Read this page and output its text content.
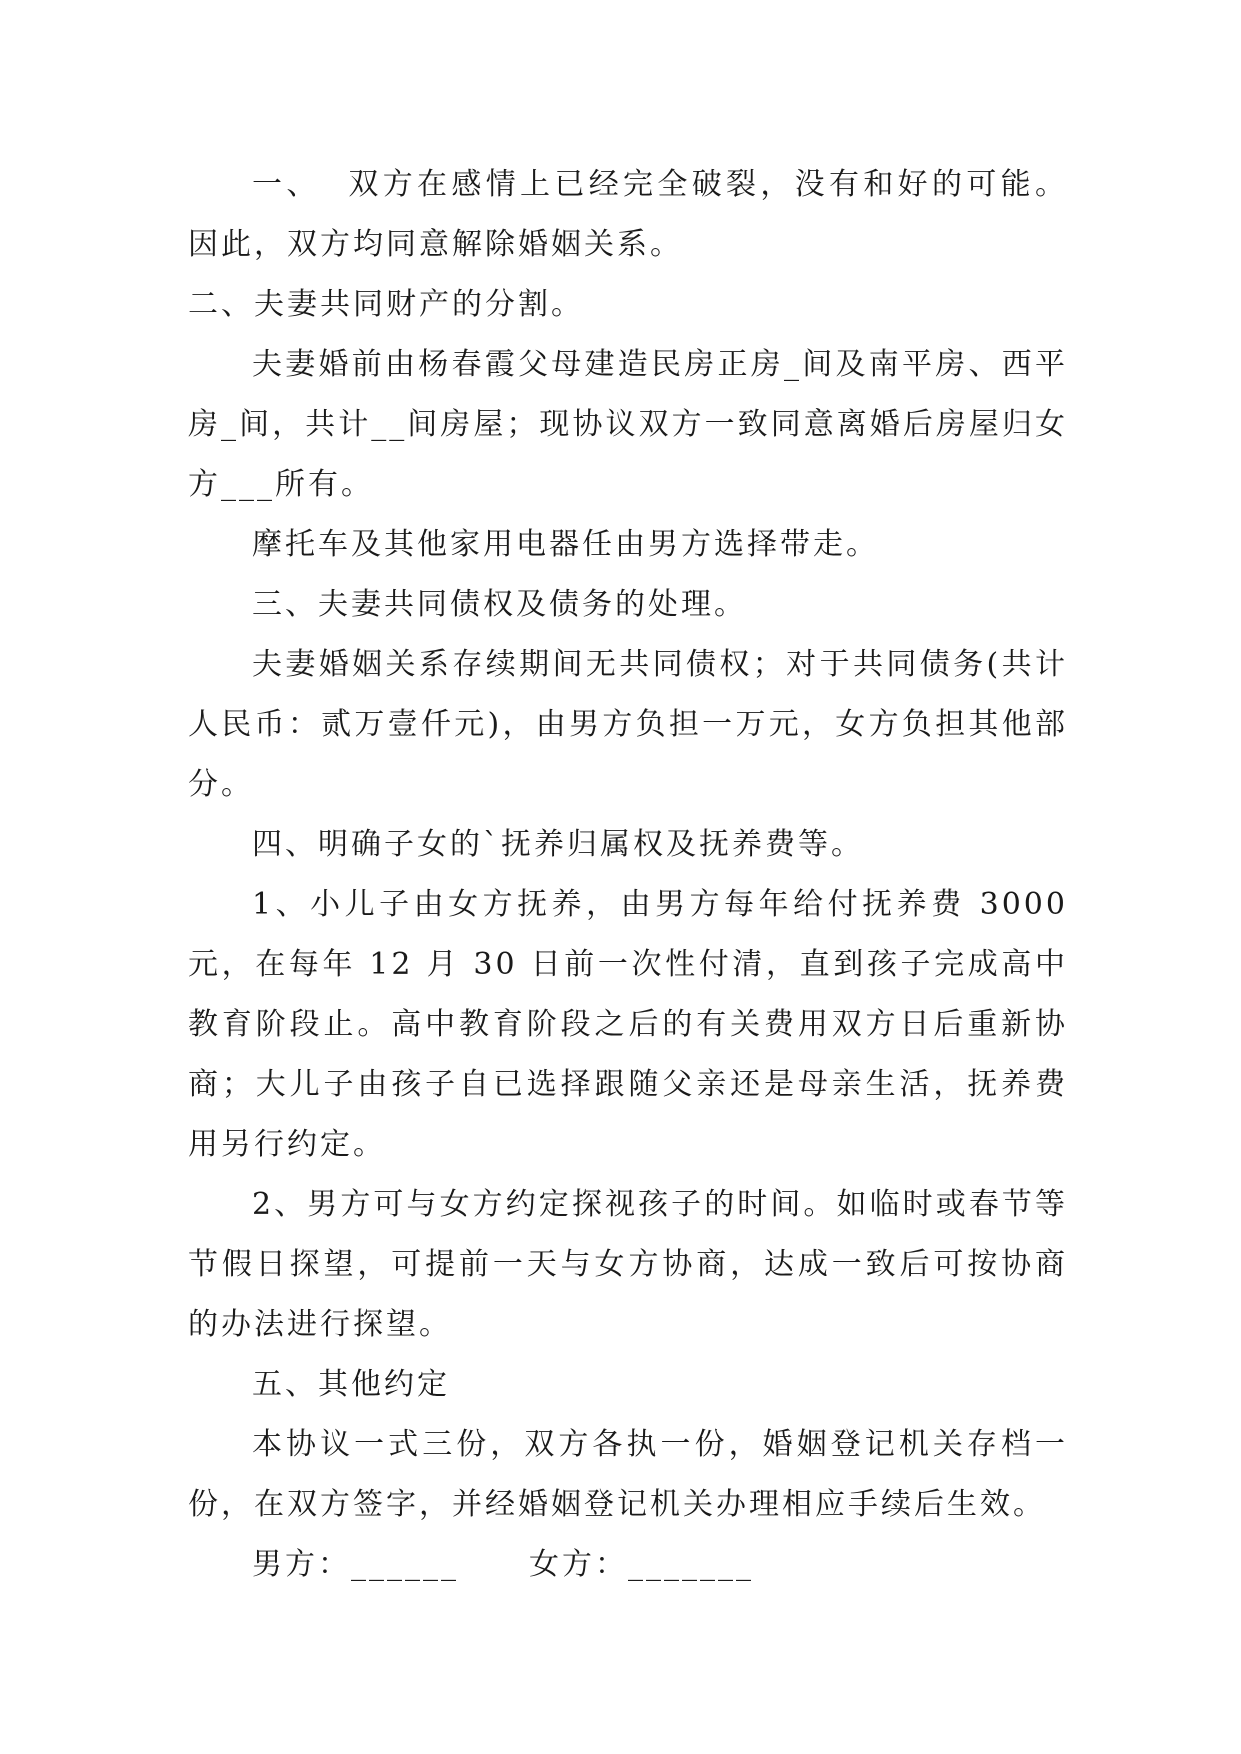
一、  双方在感情上已经完全破裂，没有和好的可能。因此，双方均同意解除婚姻关系。

二、夫妻共同财产的分割。

夫妻婚前由杨春霞父母建造民房正房_间及南平房、西平房_间，共计__间房屋；现协议双方一致同意离婚后房屋归女方___所有。

摩托车及其他家用电器任由男方选择带走。

三、夫妻共同债权及债务的处理。

夫妻婚姻关系存续期间无共同债权；对于共同债务(共计人民币：贰万壹仟元)，由男方负担一万元，女方负担其他部分。

四、明确子女的`抚养归属权及抚养费等。

1、小儿子由女方抚养，由男方每年给付抚养费 3000 元，在每年 12 月 30 日前一次性付清，直到孩子完成高中教育阶段止。高中教育阶段之后的有关费用双方日后重新协商；大儿子由孩子自已选择跟随父亲还是母亲生活，抚养费用另行约定。

2、男方可与女方约定探视孩子的时间。如临时或春节等节假日探望，可提前一天与女方协商，达成一致后可按协商的办法进行探望。

五、其他约定

本协议一式三份，双方各执一份，婚姻登记机关存档一份，在双方签字，并经婚姻登记机关办理相应手续后生效。

男方：______ 女方：_______
